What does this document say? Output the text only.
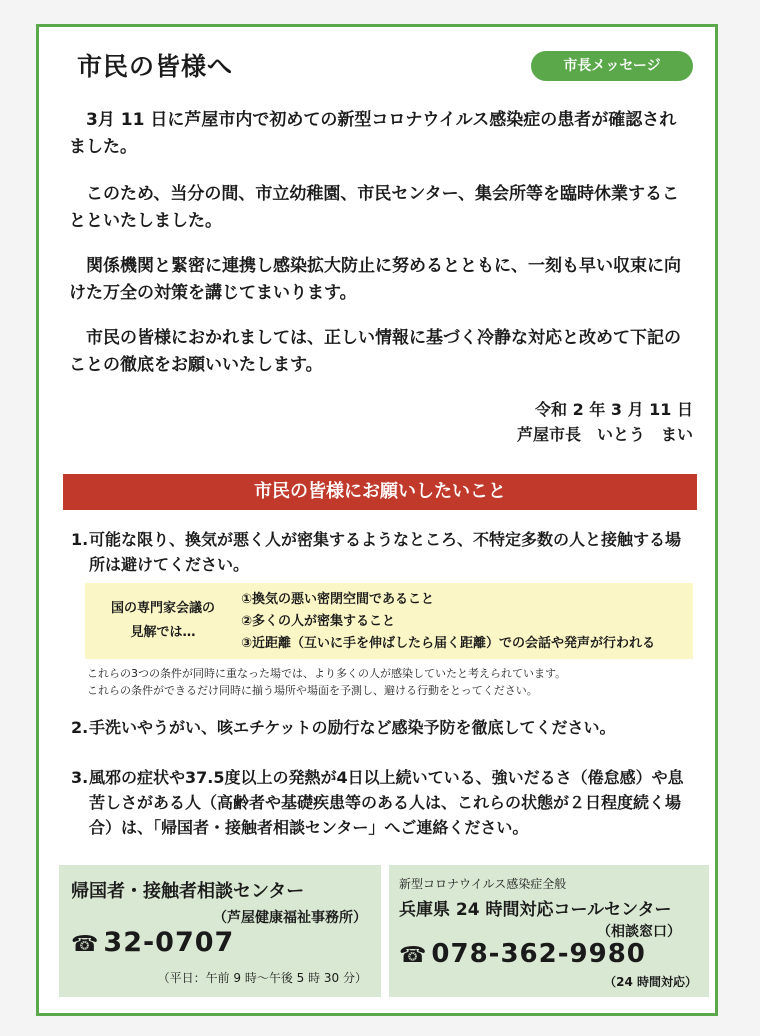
市民の皆様へ	市長メッセージ
3月 11 日に芦屋市内で初めての新型コロナウイルス感染症の患者が確認されました。
このため、当分の間、市立幼稚園、市民センター、集会所等を臨時休業することといたしました。
関係機関と緊密に連携し感染拡大防止に努めるとともに、一刻も早い収束に向けた万全の対策を講じてまいります。
市民の皆様におかれましては、正しい情報に基づく冷静な対応と改めて下記のことの徹底をお願いいたします。
令和 2 年 3 月 11 日
芦屋市長　いとう　まい
市民の皆様にお願いしたいこと
1. 可能な限り、換気が悪く人が密集するようなところ、不特定多数の人と接触する場所は避けてください。
国の専門家会議の
見解では…
①換気の悪い密閉空間であること
②多くの人が密集すること
③近距離（互いに手を伸ばしたら届く距離）での会話や発声が行われる
これらの3つの条件が同時に重なった場では、より多くの人が感染していたと考えられています。
これらの条件ができるだけ同時に揃う場所や場面を予測し、避ける行動をとってください。
2. 手洗いやうがい、咳エチケットの励行など感染予防を徹底してください。
3. 風邪の症状や37.5度以上の発熱が4日以上続いている、強いだるさ（倦怠感）や息苦しさがある人（高齢者や基礎疾患等のある人は、これらの状態が２日程度続く場合）は、「帰国者・接触者相談センター」へご連絡ください。
帰国者・接触者相談センター
（芦屋健康福祉事務所）
☎ 32-0707
（平日：午前 9 時〜午後 5 時 30 分）
新型コロナウイルス感染症全般
兵庫県 24 時間対応コールセンター
（相談窓口）
☎ 078-362-9980
（24 時間対応）
